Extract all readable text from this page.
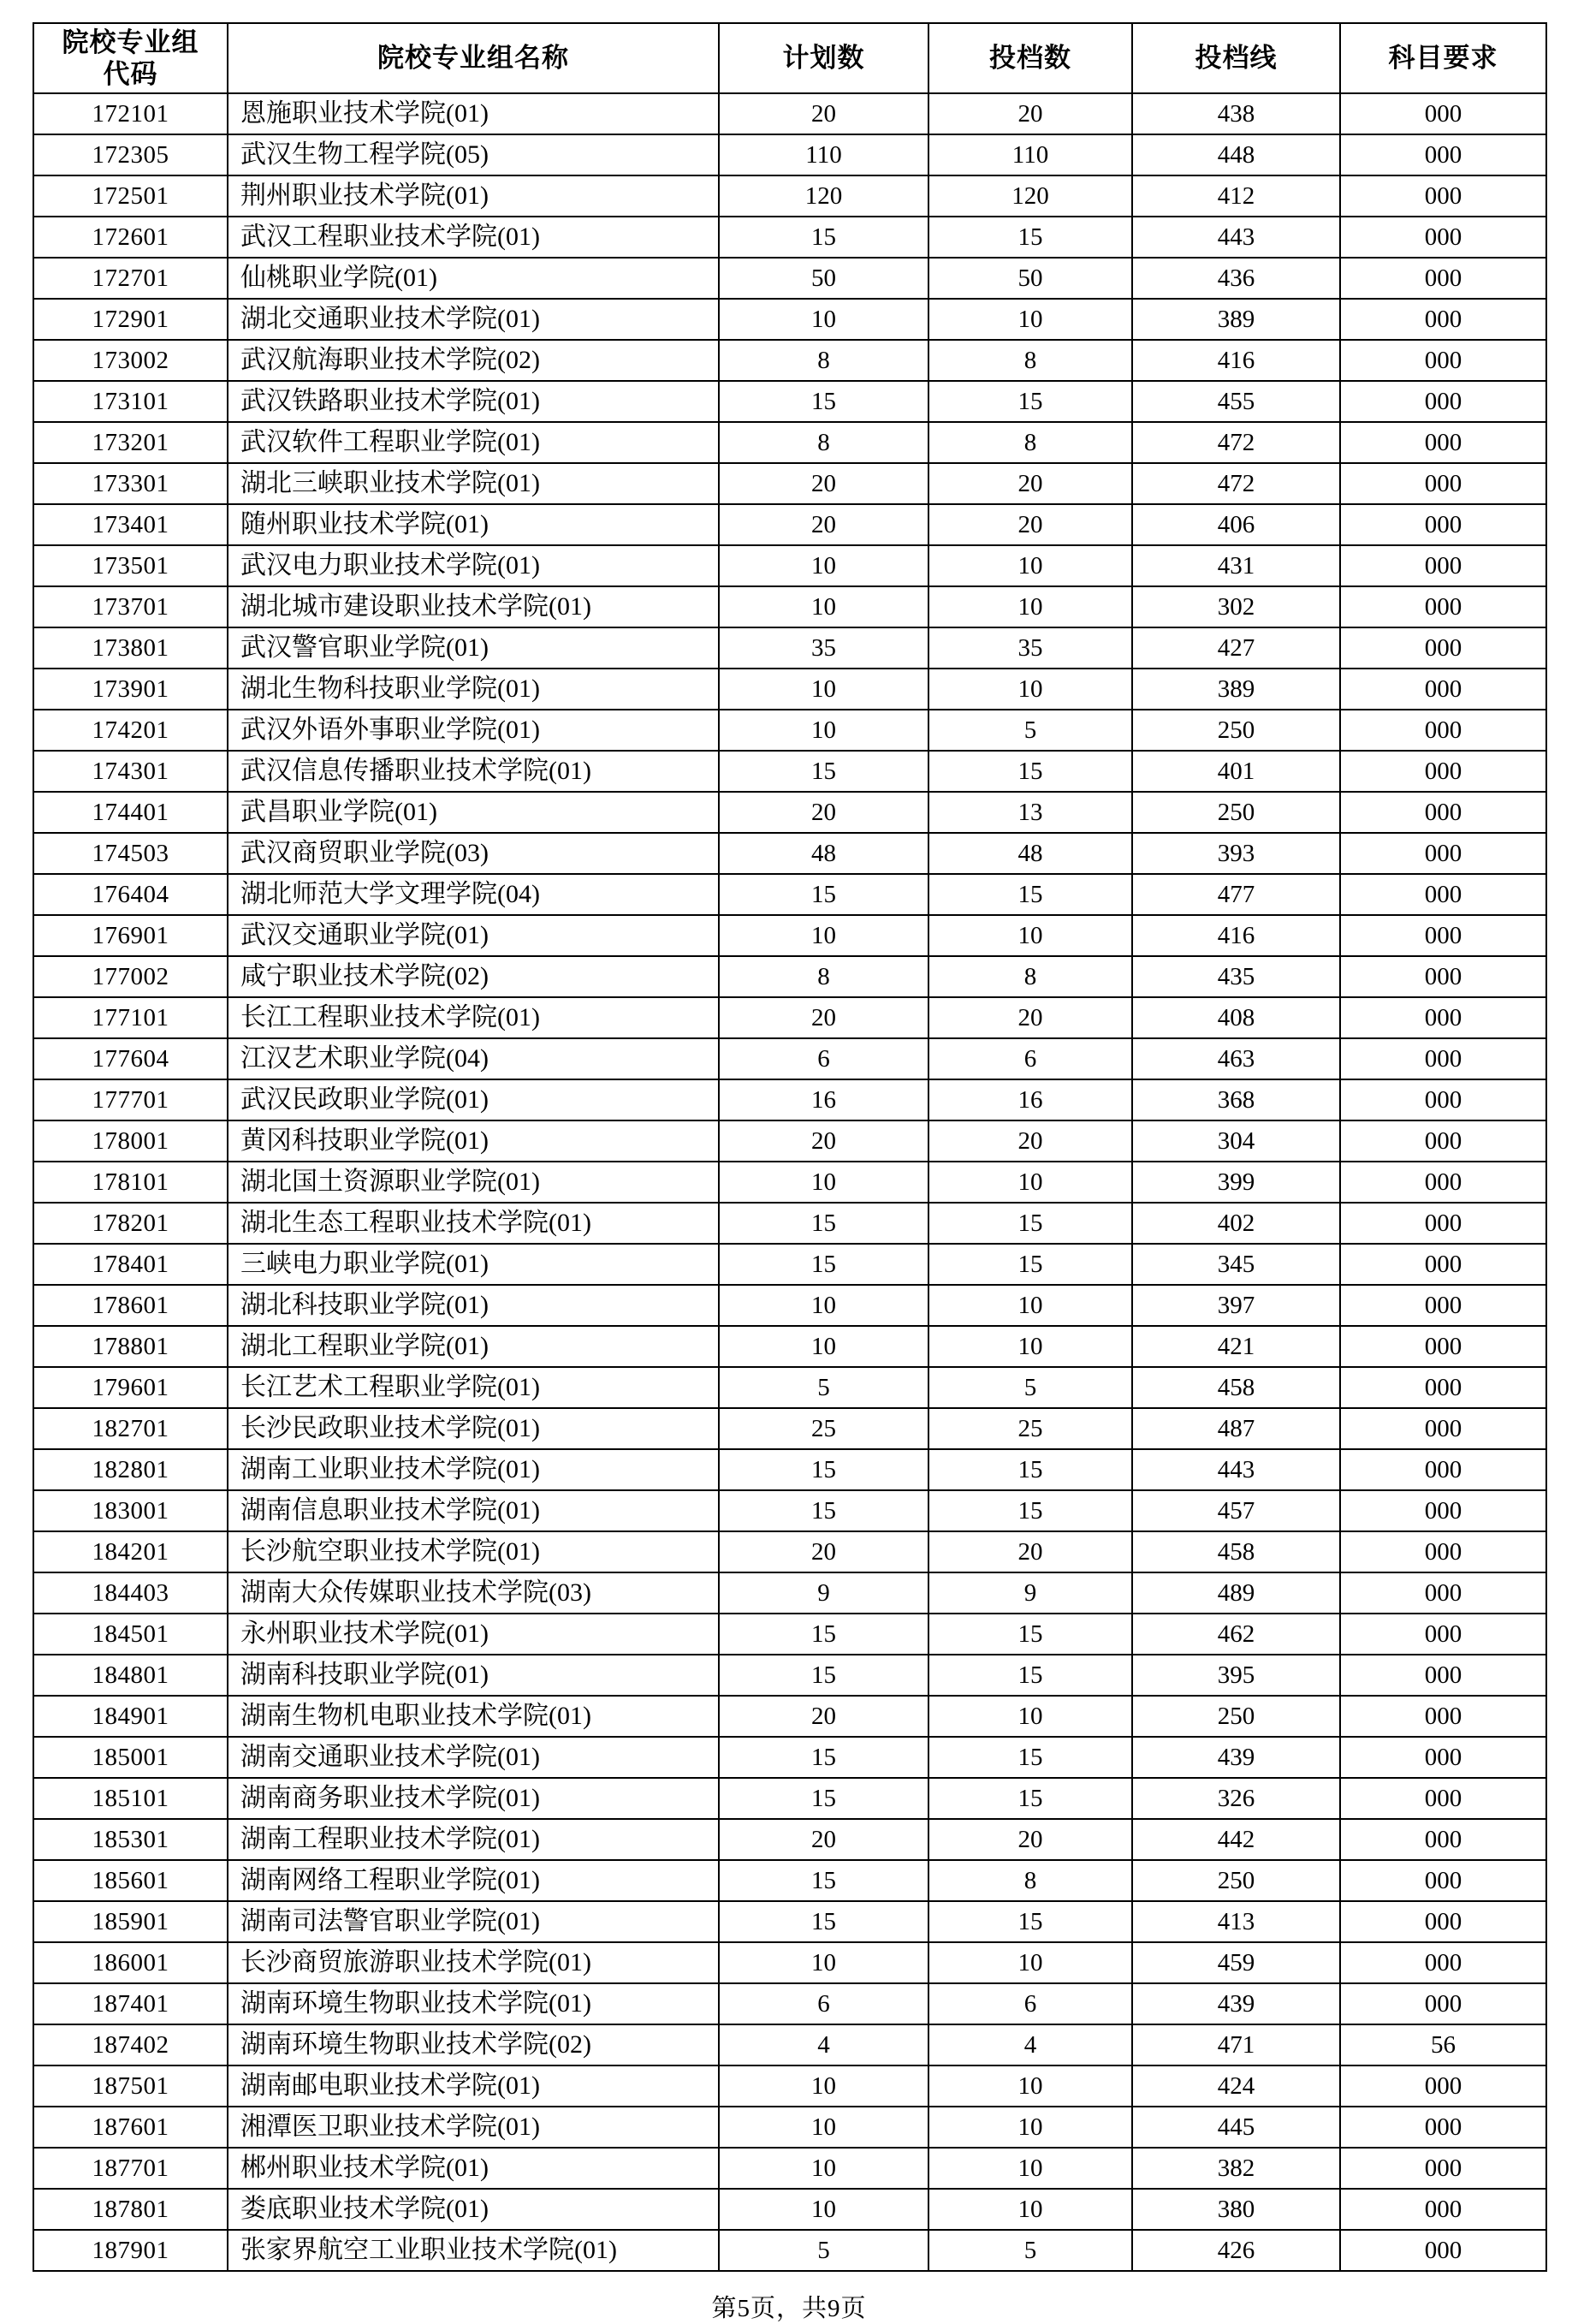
院校专业组
代码	院校专业组名称	计划数	投档数	投档线	科目要求
172101	恩施职业技术学院(01)	20	20	438	000
172305	武汉生物工程学院(05)	110	110	448	000
172501	荆州职业技术学院(01)	120	120	412	000
172601	武汉工程职业技术学院(01)	15	15	443	000
172701	仙桃职业学院(01)	50	50	436	000
172901	湖北交通职业技术学院(01)	10	10	389	000
173002	武汉航海职业技术学院(02)	8	8	416	000
173101	武汉铁路职业技术学院(01)	15	15	455	000
173201	武汉软件工程职业学院(01)	8	8	472	000
173301	湖北三峡职业技术学院(01)	20	20	472	000
173401	随州职业技术学院(01)	20	20	406	000
173501	武汉电力职业技术学院(01)	10	10	431	000
173701	湖北城市建设职业技术学院(01)	10	10	302	000
173801	武汉警官职业学院(01)	35	35	427	000
173901	湖北生物科技职业学院(01)	10	10	389	000
174201	武汉外语外事职业学院(01)	10	5	250	000
174301	武汉信息传播职业技术学院(01)	15	15	401	000
174401	武昌职业学院(01)	20	13	250	000
174503	武汉商贸职业学院(03)	48	48	393	000
176404	湖北师范大学文理学院(04)	15	15	477	000
176901	武汉交通职业学院(01)	10	10	416	000
177002	咸宁职业技术学院(02)	8	8	435	000
177101	长江工程职业技术学院(01)	20	20	408	000
177604	江汉艺术职业学院(04)	6	6	463	000
177701	武汉民政职业学院(01)	16	16	368	000
178001	黄冈科技职业学院(01)	20	20	304	000
178101	湖北国土资源职业学院(01)	10	10	399	000
178201	湖北生态工程职业技术学院(01)	15	15	402	000
178401	三峡电力职业学院(01)	15	15	345	000
178601	湖北科技职业学院(01)	10	10	397	000
178801	湖北工程职业学院(01)	10	10	421	000
179601	长江艺术工程职业学院(01)	5	5	458	000
182701	长沙民政职业技术学院(01)	25	25	487	000
182801	湖南工业职业技术学院(01)	15	15	443	000
183001	湖南信息职业技术学院(01)	15	15	457	000
184201	长沙航空职业技术学院(01)	20	20	458	000
184403	湖南大众传媒职业技术学院(03)	9	9	489	000
184501	永州职业技术学院(01)	15	15	462	000
184801	湖南科技职业学院(01)	15	15	395	000
184901	湖南生物机电职业技术学院(01)	20	10	250	000
185001	湖南交通职业技术学院(01)	15	15	439	000
185101	湖南商务职业技术学院(01)	15	15	326	000
185301	湖南工程职业技术学院(01)	20	20	442	000
185601	湖南网络工程职业学院(01)	15	8	250	000
185901	湖南司法警官职业学院(01)	15	15	413	000
186001	长沙商贸旅游职业技术学院(01)	10	10	459	000
187401	湖南环境生物职业技术学院(01)	6	6	439	000
187402	湖南环境生物职业技术学院(02)	4	4	471	56
187501	湖南邮电职业技术学院(01)	10	10	424	000
187601	湘潭医卫职业技术学院(01)	10	10	445	000
187701	郴州职业技术学院(01)	10	10	382	000
187801	娄底职业技术学院(01)	10	10	380	000
187901	张家界航空工业职业技术学院(01)	5	5	426	000
第5页，共9页
